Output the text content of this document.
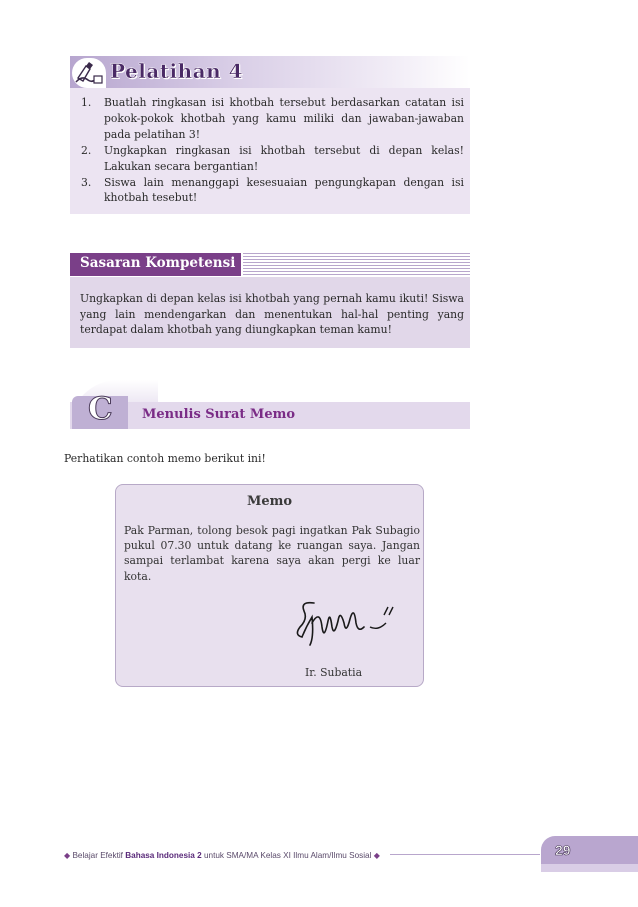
Pelatihan 4
1. Buatlah ringkasan isi khotbah tersebut berdasarkan catatan isi pokok-pokok khotbah yang kamu miliki dan jawaban-jawaban pada pelatihan 3!
2. Ungkapkan ringkasan isi khotbah tersebut di depan kelas! Lakukan secara bergantian!
3. Siswa lain menanggapi kesesuaian pengungkapan dengan isi khotbah tesebut!
Sasaran Kompetensi

Ungkapkan di depan kelas isi khotbah yang pernah kamu ikuti! Siswa yang lain mendengarkan dan menentukan hal-hal penting yang terdapat dalam khotbah yang diungkapkan teman kamu!

C Menulis Surat Memo

Perhatikan contoh memo berikut ini!

Memo

Pak Parman, tolong besok pagi ingatkan Pak Subagio pukul 07.30 untuk datang ke ruangan saya. Jangan sampai terlambat karena saya akan pergi ke luar kota.

Ir. Subatia
◆ Belajar Efektif Bahasa Indonesia 2 untuk SMA/MA Kelas XI Ilmu Alam/Ilmu Sosial ◆	29
